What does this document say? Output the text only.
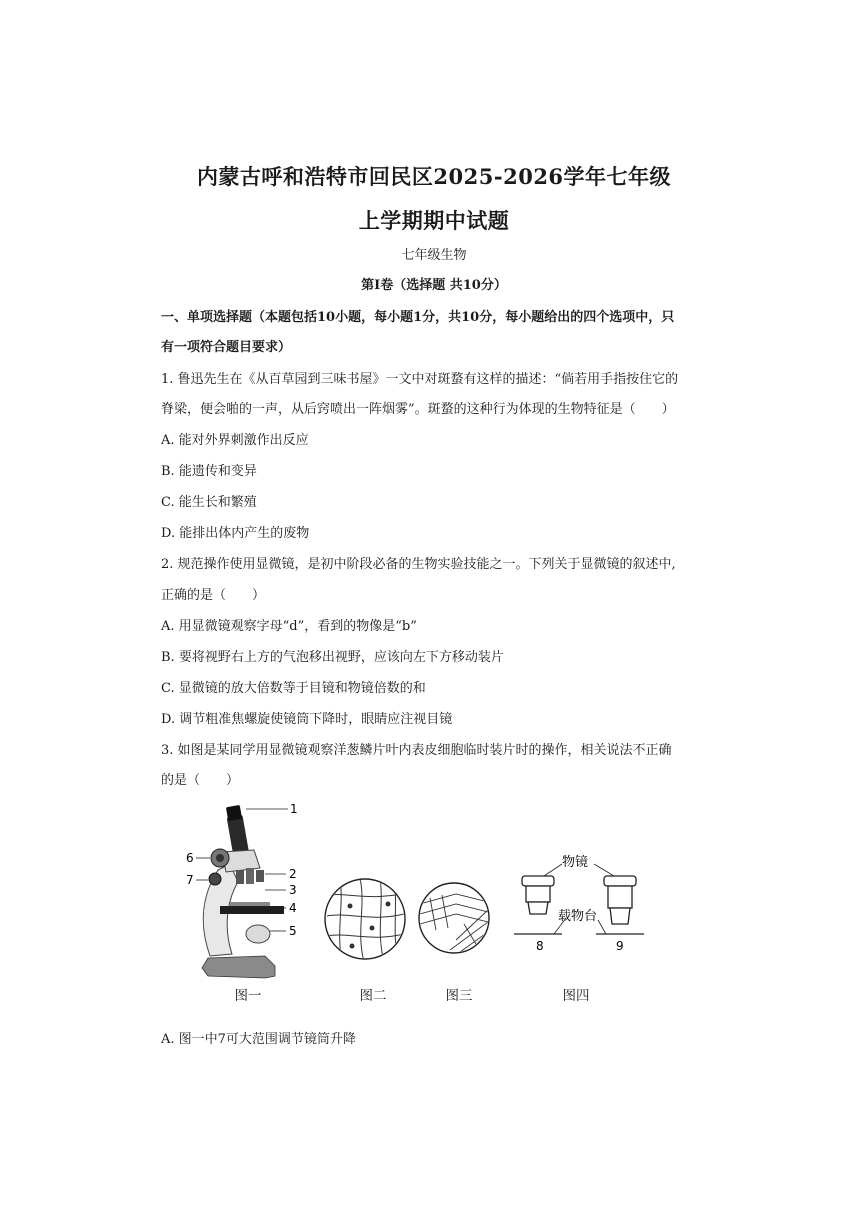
内蒙古呼和浩特市回民区2025-2026学年七年级
上学期期中试题
七年级生物
第Ⅰ卷（选择题 共10分）
一、单项选择题（本题包括10小题，每小题1分，共10分，每小题给出的四个选项中，只
有一项符合题目要求）
1. 鲁迅先生在《从百草园到三味书屋》一文中对斑蝥有这样的描述：“倘若用手指按住它的
脊梁，便会啪的一声，从后窍喷出一阵烟雾”。斑蝥的这种行为体现的生物特征是（　　）
A. 能对外界刺激作出反应
B. 能遗传和变异
C. 能生长和繁殖
D. 能排出体内产生的废物
2. 规范操作使用显微镜，是初中阶段必备的生物实验技能之一。下列关于显微镜的叙述中,
正确的是（　　）
A. 用显微镜观察字母“d”，看到的物像是“b”
B. 要将视野右上方的气泡移出视野，应该向左下方移动装片
C. 显微镜的放大倍数等于目镜和物镜倍数的和
D. 调节粗准焦螺旋使镜筒下降时，眼睛应注视目镜
3. 如图是某同学用显微镜观察洋葱鳞片叶内表皮细胞临时装片时的操作，相关说法不正确
的是（　　）
1
2
3
4
5
6
7
物镜
载物台
8	9
图一	图二	图三	图四
A. 图一中7可大范围调节镜筒升降
